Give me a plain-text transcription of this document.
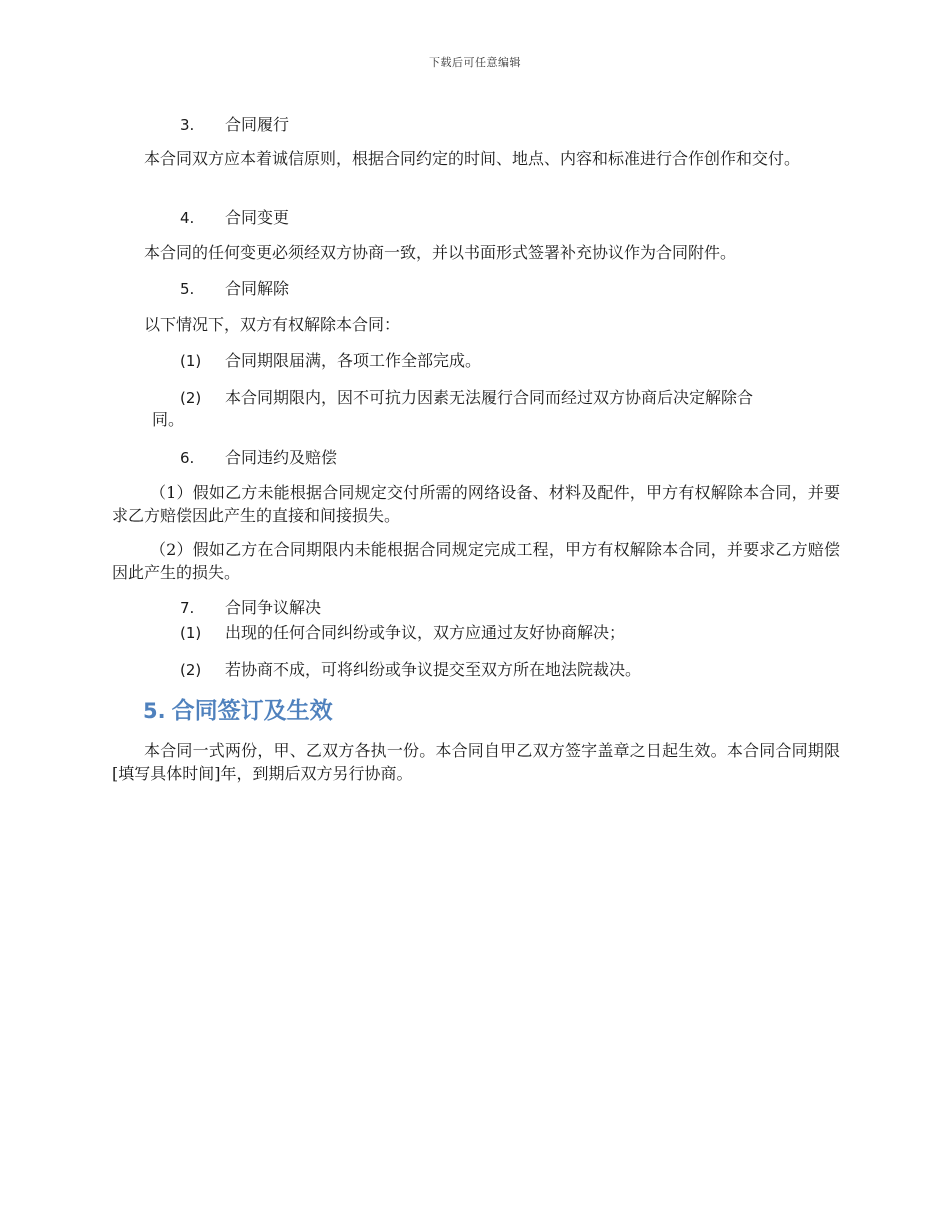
下载后可任意编辑
3. 合同履行
本合同双方应本着诚信原则，根据合同约定的时间、地点、内容和标准进行合作创作和交付。
4. 合同变更
本合同的任何变更必须经双方协商一致，并以书面形式签署补充协议作为合同附件。
5. 合同解除
以下情况下，双方有权解除本合同：
(1) 合同期限届满，各项工作全部完成。
(2) 本合同期限内，因不可抗力因素无法履行合同而经过双方协商后决定解除合
同。
6. 合同违约及赔偿
（1）假如乙方未能根据合同规定交付所需的网络设备、材料及配件，甲方有权解除本合同，并要求乙方赔偿因此产生的直接和间接损失。
（2）假如乙方在合同期限内未能根据合同规定完成工程，甲方有权解除本合同，并要求乙方赔偿因此产生的损失。
7. 合同争议解决
(1) 出现的任何合同纠纷或争议，双方应通过友好协商解决；
(2) 若协商不成，可将纠纷或争议提交至双方所在地法院裁决。
5. 合同签订及生效
本合同一式两份，甲、乙双方各执一份。本合同自甲乙双方签字盖章之日起生效。本合同合同期限[填写具体时间]年，到期后双方另行协商。
